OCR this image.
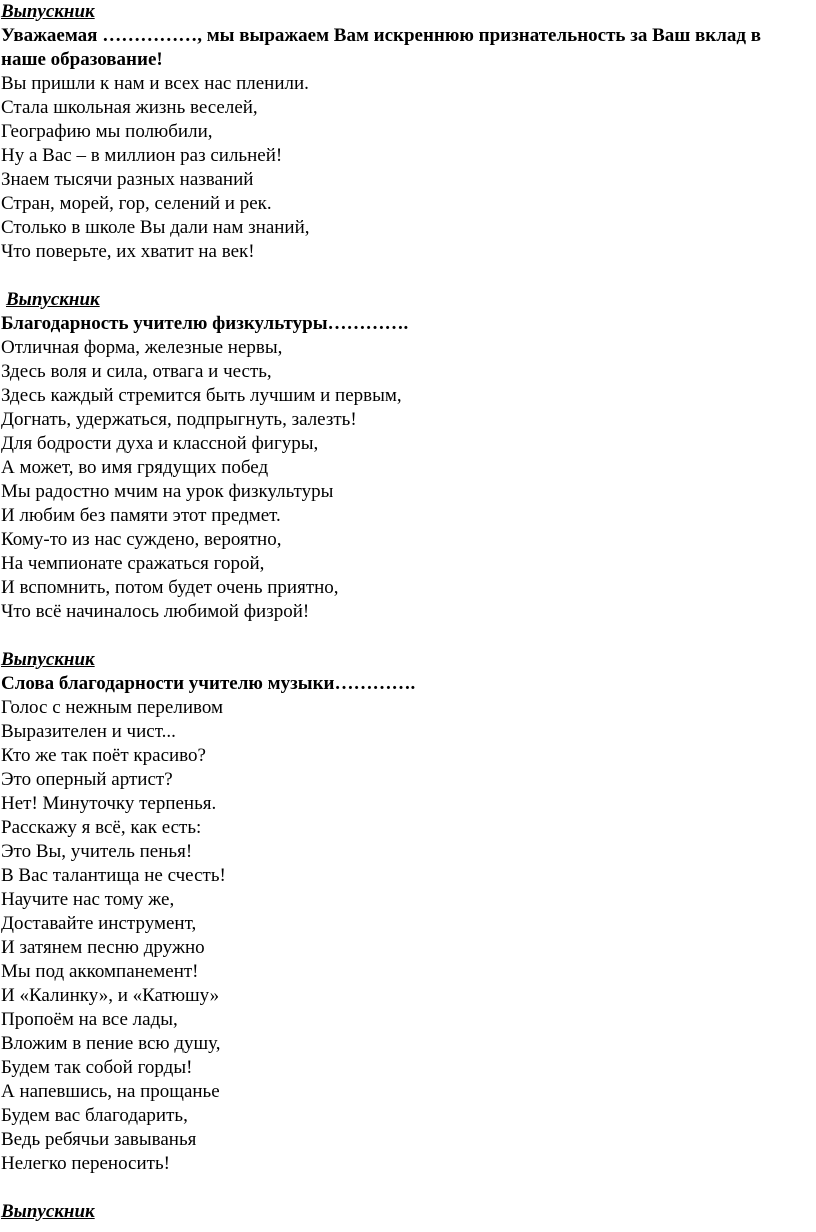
Выпускник
Уважаемая ……………, мы выражаем Вам искреннюю признательность за Ваш вклад в наше образование!
Вы пришли к нам и всех нас пленили.
Стала школьная жизнь веселей,
Географию мы полюбили,
Ну а Вас – в миллион раз сильней!
Знаем тысячи разных названий
Стран, морей, гор, селений и рек.
Столько в школе Вы дали нам знаний,
Что поверьте, их хватит на век!
Выпускник
Благодарность учителю физкультуры………….
Отличная форма, железные нервы,
Здесь воля и сила, отвага и честь,
Здесь каждый стремится быть лучшим и первым,
Догнать, удержаться, подпрыгнуть, залезть!
Для бодрости духа и классной фигуры,
А может, во имя грядущих побед
Мы радостно мчим на урок физкультуры
И любим без памяти этот предмет.
Кому-то из нас суждено, вероятно,
На чемпионате сражаться горой,
И вспомнить, потом будет очень приятно,
Что всё начиналось любимой физрой!
Выпускник
Слова благодарности учителю музыки………….
Голос с нежным переливом
Выразителен и чист...
Кто же так поёт красиво?
Это оперный артист?
Нет! Минуточку терпенья.
Расскажу я всё, как есть:
Это Вы, учитель пенья!
В Вас талантища не счесть!
Научите нас тому же,
Доставайте инструмент,
И затянем песню дружно
Мы под аккомпанемент!
И «Калинку», и «Катюшу»
Пропоём на все лады,
Вложим в пение всю душу,
Будем так собой горды!
А напевшись, на прощанье
Будем вас благодарить,
Ведь ребячьи завыванья
Нелегко переносить!
Выпускник
